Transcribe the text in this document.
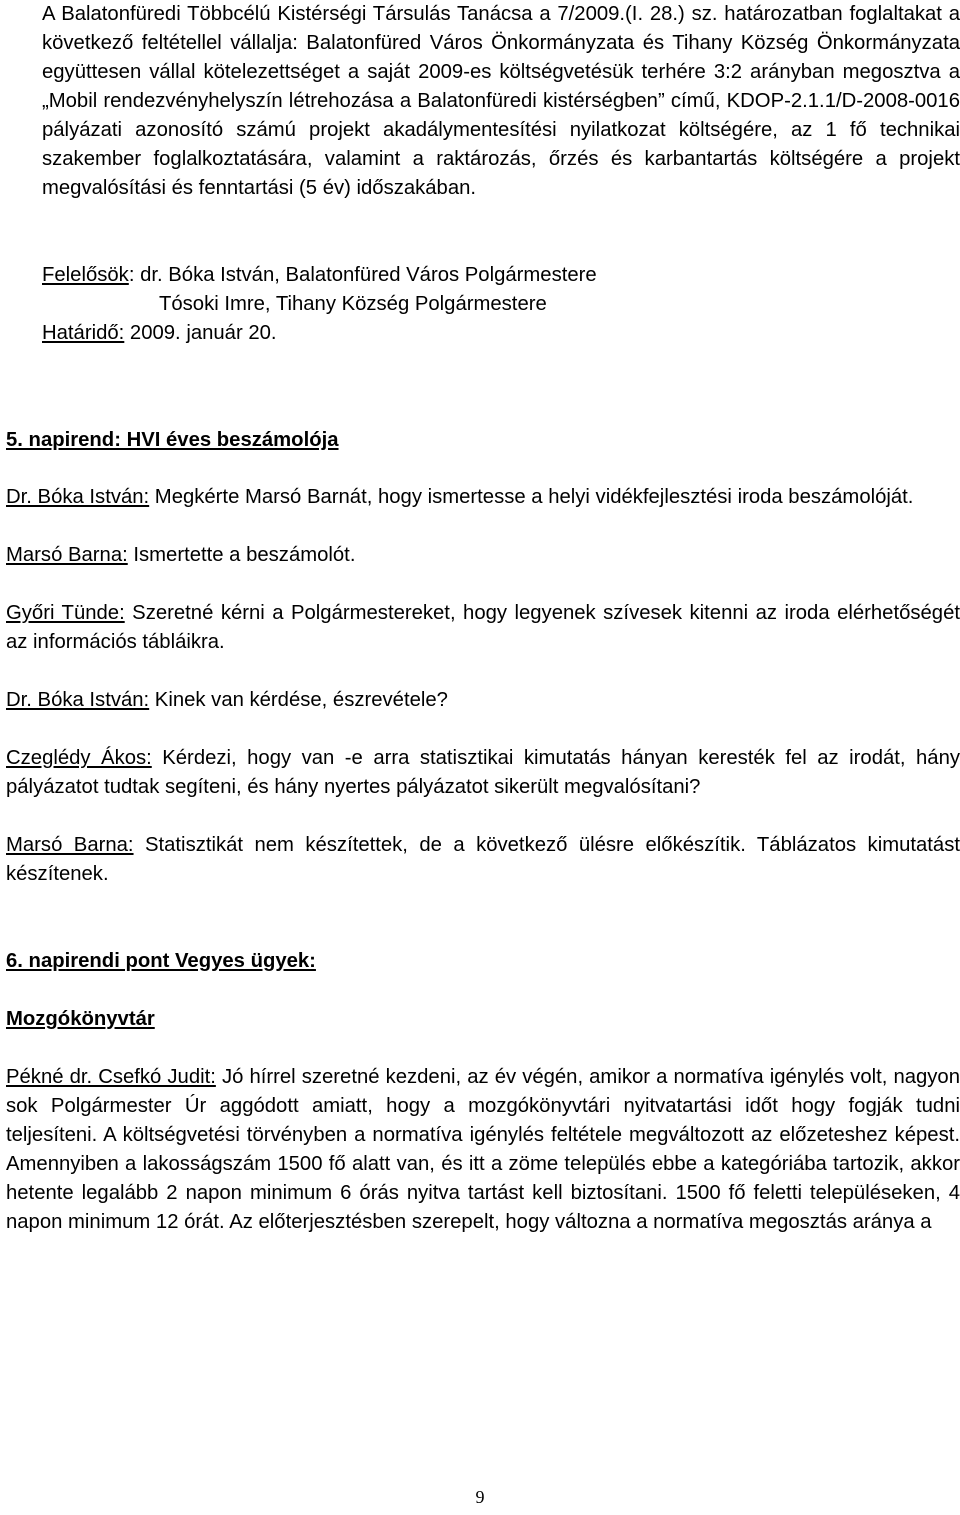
A Balatonfüredi Többcélú Kistérségi Társulás Tanácsa a 7/2009.(I. 28.) sz. határozatban foglaltakat a következő feltétellel vállalja: Balatonfüred Város Önkormányzata és Tihany Község Önkormányzata együttesen vállal kötelezettséget a saját 2009-es költségvetésük terhére 3:2 arányban megosztva a „Mobil rendezvényhelyszín létrehozása a Balatonfüredi kistérségben” című, KDOP-2.1.1/D-2008-0016 pályázati azonosító számú projekt akadálymentesítési nyilatkozat költségére, az 1 fő technikai szakember foglalkoztatására, valamint a raktározás, őrzés és karbantartás költségére a projekt megvalósítási és fenntartási (5 év) időszakában.

Felelősök: dr. Bóka István, Balatonfüred Város Polgármestere

Tósoki Imre, Tihany Község Polgármestere

Határidő: 2009. január 20.

5. napirend: HVI éves beszámolója

Dr. Bóka István: Megkérte Marsó Barnát, hogy ismertesse a helyi vidékfejlesztési iroda beszámolóját.

Marsó Barna: Ismertette a beszámolót.

Győri Tünde: Szeretné kérni a Polgármestereket, hogy legyenek szívesek kitenni az iroda elérhetőségét az információs tábláikra.

Dr. Bóka István: Kinek van kérdése, észrevétele?

Czeglédy Ákos: Kérdezi, hogy van -e arra statisztikai kimutatás hányan keresték fel az irodát, hány pályázatot tudtak segíteni, és hány nyertes pályázatot sikerült megvalósítani?

Marsó Barna: Statisztikát nem készítettek, de a következő ülésre előkészítik. Táblázatos kimutatást készítenek.

6. napirendi pont Vegyes ügyek:

Mozgókönyvtár

Pékné dr. Csefkó Judit: Jó hírrel szeretné kezdeni, az év végén, amikor a normatíva igénylés volt, nagyon sok Polgármester Úr aggódott amiatt, hogy a mozgókönyvtári nyitvatartási időt hogy fogják tudni teljesíteni. A költségvetési törvényben a normatíva igénylés feltétele megváltozott az előzeteshez képest. Amennyiben a lakosságszám 1500 fő alatt van, és itt a zöme település ebbe a kategóriába tartozik, akkor hetente legalább 2 napon minimum 6 órás nyitva tartást kell biztosítani. 1500 fő feletti településeken, 4 napon minimum 12 órát. Az előterjesztésben szerepelt, hogy változna a normatíva megosztás aránya a

9
